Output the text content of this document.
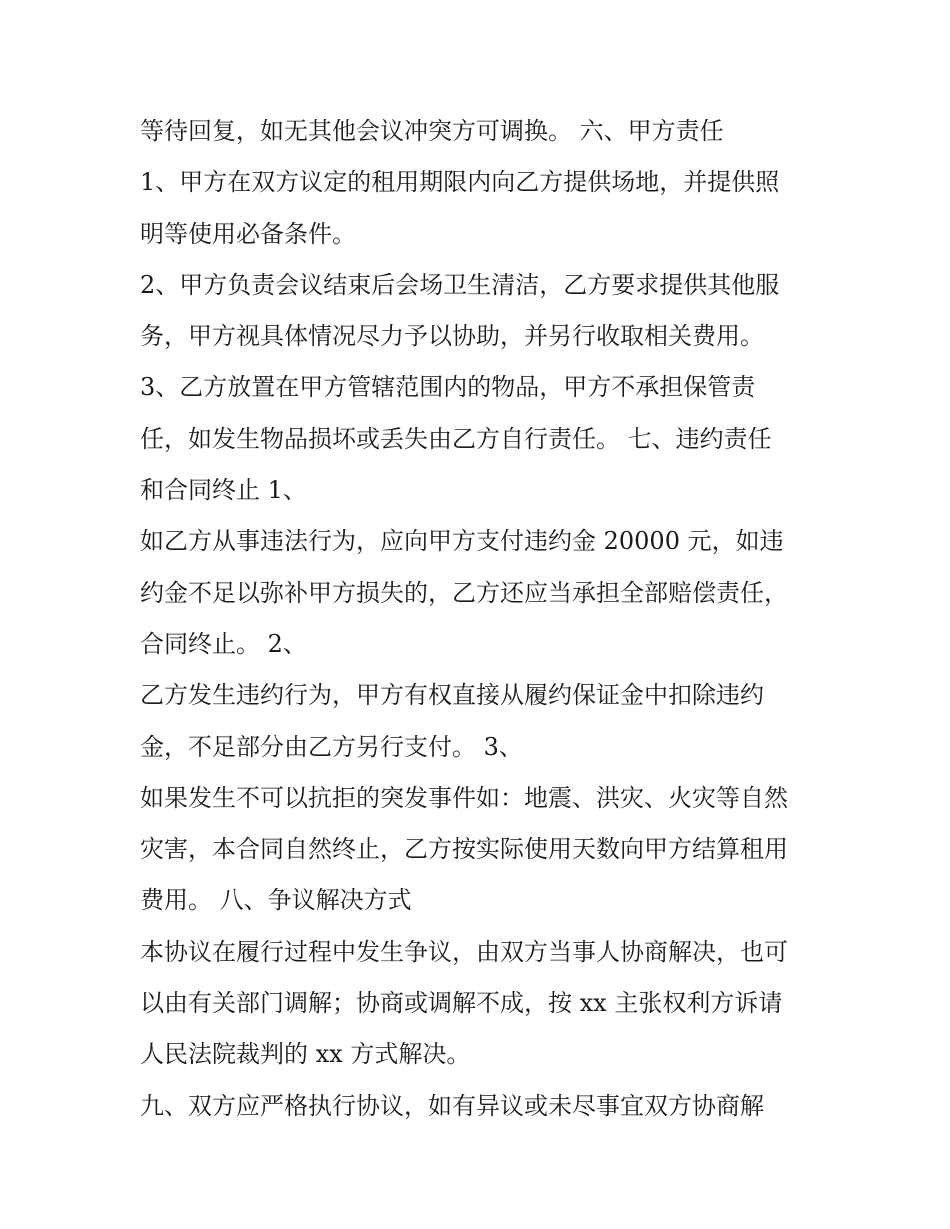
等待回复，如无其他会议冲突方可调换。 六、甲方责任
1、甲方在双方议定的租用期限内向乙方提供场地，并提供照
明等使用必备条件。
2、甲方负责会议结束后会场卫生清洁，乙方要求提供其他服
务，甲方视具体情况尽力予以协助，并另行收取相关费用。
3、乙方放置在甲方管辖范围内的物品，甲方不承担保管责
任，如发生物品损坏或丢失由乙方自行责任。 七、违约责任
和合同终止 1、
如乙方从事违法行为，应向甲方支付违约金 20000 元，如违
约金不足以弥补甲方损失的，乙方还应当承担全部赔偿责任，
合同终止。 2、
乙方发生违约行为，甲方有权直接从履约保证金中扣除违约
金，不足部分由乙方另行支付。 3、
如果发生不可以抗拒的突发事件如：地震、洪灾、火灾等自然
灾害，本合同自然终止，乙方按实际使用天数向甲方结算租用
费用。 八、争议解决方式
本协议在履行过程中发生争议，由双方当事人协商解决，也可
以由有关部门调解；协商或调解不成，按 xx 主张权利方诉请
人民法院裁判的 xx 方式解决。
九、双方应严格执行协议，如有异议或未尽事宜双方协商解
